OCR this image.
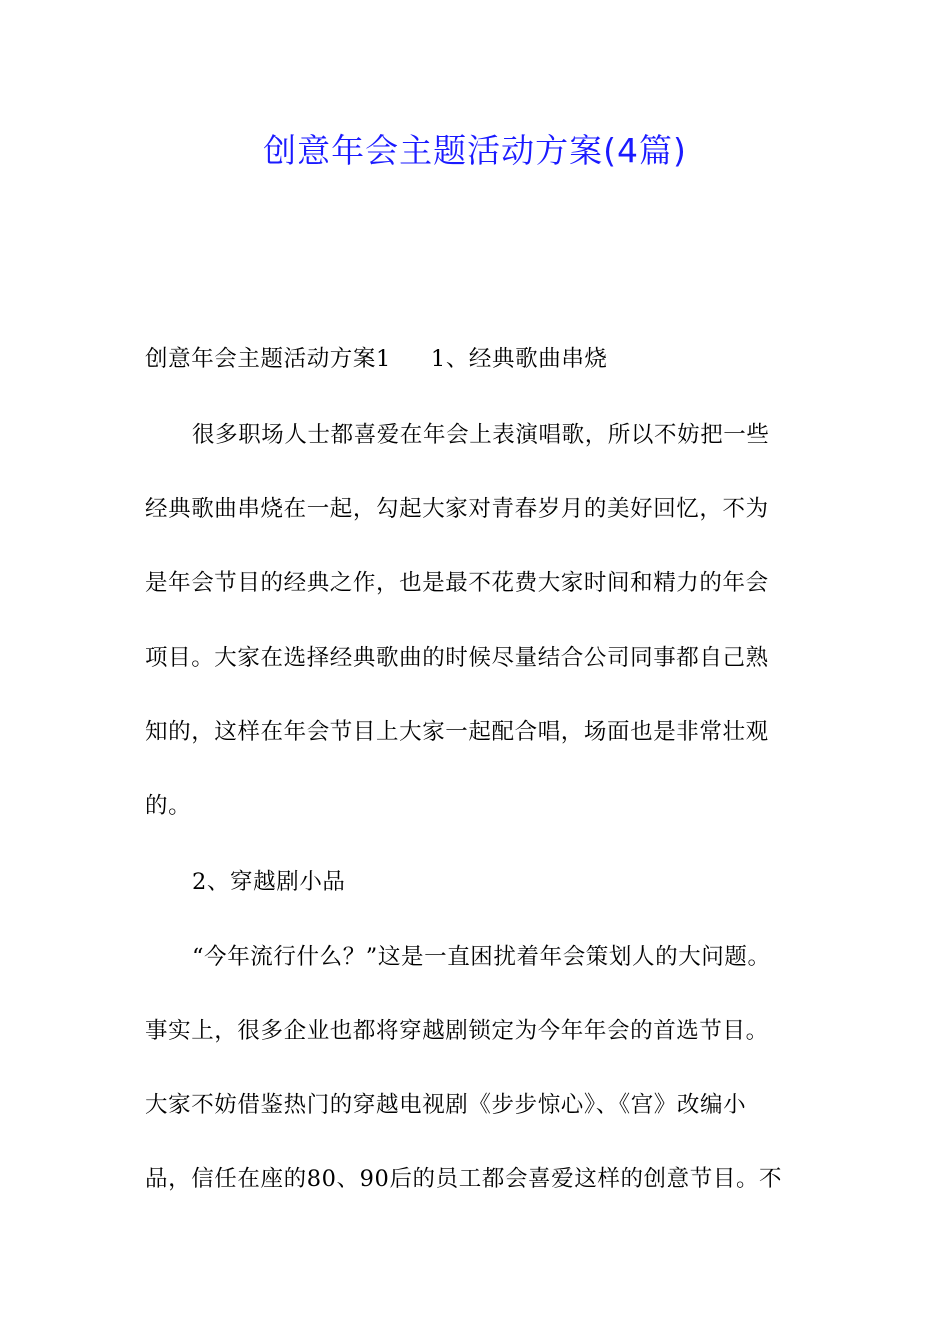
创意年会主题活动方案(4篇)
创意年会主题活动方案1 1、经典歌曲串烧
很多职场人士都喜爱在年会上表演唱歌，所以不妨把一些
经典歌曲串烧在一起，勾起大家对青春岁月的美好回忆，不为
是年会节目的经典之作，也是最不花费大家时间和精力的年会
项目。大家在选择经典歌曲的时候尽量结合公司同事都自己熟
知的，这样在年会节目上大家一起配合唱，场面也是非常壮观
的。
2、穿越剧小品
“今年流行什么？”这是一直困扰着年会策划人的大问题。
事实上，很多企业也都将穿越剧锁定为今年年会的首选节目。
大家不妨借鉴热门的穿越电视剧《步步惊心》、《宫》改编小
品，信任在座的80、90后的员工都会喜爱这样的创意节目。不
